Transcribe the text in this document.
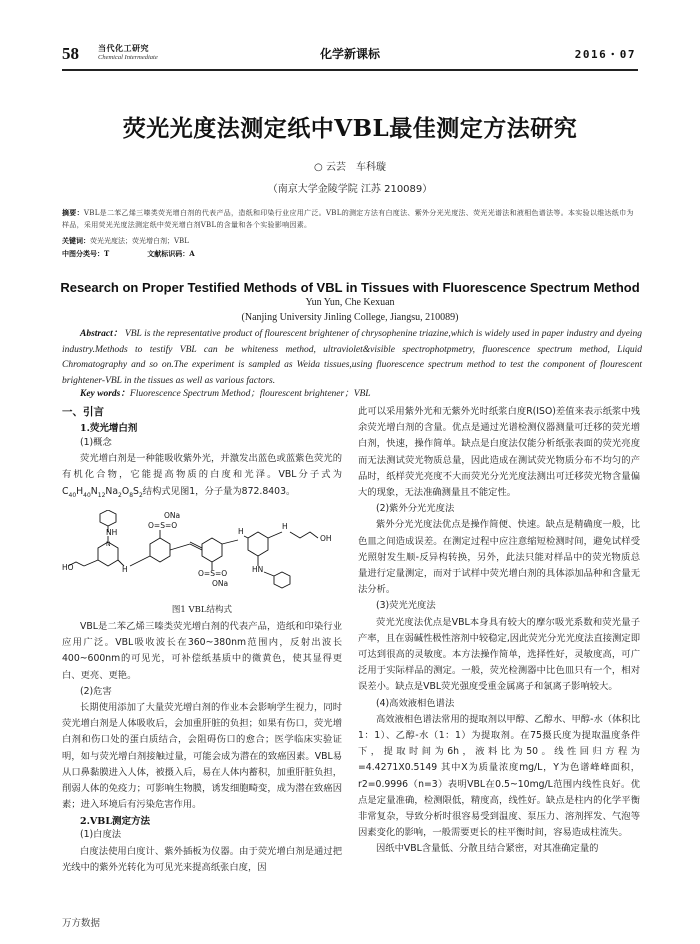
58 当代化工研究
Chemical Intermediate	化学新课标	2016・07
荧光光度法测定纸中VBL最佳测定方法研究
○ 云芸　车科璇
（南京大学金陵学院 江苏 210089）
摘要：VBL是二苯乙烯三嗪类荧光增白剂的代表产品，造纸和印染行业应用广泛。VBL的测定方法有白度法、紫外分光光度法、荧光光谱法和液相色谱法等。本实验以维达纸巾为样品，采用荧光光度法测定纸中荧光增白剂VBL的含量和各个实验影响因素。
关键词：荧光光度法；荧光增白剂；VBL
中图分类号：T	文献标识码：A
Research on Proper Testified Methods of VBL in Tissues with Fluorescence Spectrum Method
Yun Yun, Che Kexuan
(Nanjing University Jinling College, Jiangsu, 210089)
Abstract： VBL is the representative product of flourescent brightener of chrysophenine triazine,which is widely used in paper industry and dyeing industry.Methods to testify VBL can be whiteness method, ultraviolet&visible spectrophotpmetry, fluorescence spectrum method, Liquid Chromatography and so on.The experiment is sampled as Weida tissues,using fluorescence spectrum method to test the component of flourescent brightener-VBL in the tissues as well as various factors.
Key words：Fluorescence Spectrum Method；flourescent brightener；VBL
一、引言
1.荧光增白剂
(1)概念
荧光增白剂是一种能吸收紫外光，并激发出蓝色或蓝紫色荧光的有机化合物，它能提高物质的白度和光泽。VBL分子式为$C_{40}H_{40}N_{12}Na_2O_8S_2$结构式见图1，分子量为872.8403。
NH
N
HO	H
ONa
O=S=O
O=S=O
ONa
H
H
OH
HN
图1 VBL结构式
VBL是二苯乙烯三嗪类荧光增白剂的代表产品，造纸和印染行业应用广泛。VBL吸收波长在360~380nm范围内，反射出波长400~600nm的可见光，可补偿纸基质中的微黄色，使其显得更白、更亮、更艳。
(2)危害
长期使用添加了大量荧光增白剂的作业本会影响学生视力，同时荧光增白剂是人体吸收后，会加重肝脏的负担；如果有伤口，荧光增白剂和伤口处的蛋白质结合，会阻碍伤口的愈合；医学临床实验证明，如与荧光增白剂接触过量，可能会成为潜在的致癌因素。VBL易从口鼻黏膜进入人体，被摄入后，易在人体内蓄积，加重肝脏负担，削弱人体的免疫力；可影响生物膜，诱发细胞畸变，成为潜在致癌因素；进入环境后有污染危害作用。
2.VBL测定方法
(1)白度法
白度法使用白度计、紫外插板为仪器。由于荧光增白剂是通过把光线中的紫外光转化为可见光来提高纸张白度，因
此可以采用紫外光和无紫外光时纸浆白度R(ISO)差值来表示纸浆中残余荧光增白剂的含量。优点是通过光谱检测仪器测量可迁移的荧光增白剂，快速，操作简单。缺点是白度法仅能分析纸张表面的荧光亮度而无法测试荧光物质总量，因此造成在测试荧光物质分布不均匀的产品时，纸样荧光亮度不大而荧光分光光度法测出可迁移荧光物含量偏大的现象，无法准确测量且不能定性。
(2)紫外分光光度法
紫外分光光度法优点是操作简便、快速。缺点是精确度一般，比色皿之间造成误差。在测定过程中应注意缩短检测时间，避免试样受光照射发生顺-反异构转换，另外，此法只能对样品中的荧光物质总量进行定量测定，而对于试样中荧光增白剂的具体添加品种和含量无法分析。
(3)荧光光度法
荧光光度法优点是VBL本身具有较大的摩尔吸光系数和荧光量子产率，且在弱碱性极性溶剂中较稳定,因此荧光分光光度法直接测定即可达到很高的灵敏度。本方法操作简单，选择性好，灵敏度高，可广泛用于实际样品的测定。一般，荧光检测器中比色皿只有一个，相对误差小。缺点是VBL荧光强度受重金属离子和氯离子影响较大。
(4)高效液相色谱法
高效液相色谱法常用的提取剂以甲醇、乙醇水、甲醇-水（体积比1：1）、乙醇-水（1：1）为提取剂。在75摄氏度为提取温度条件下，提取时间为6h，液料比为50。线性回归方程为=4.4271X0.5149 其中X为质量浓度mg/L，Y为色谱峰峰面积，r2=0.9996（n=3）表明VBL在0.5~10mg/L范围内线性良好。优点是定量准确，检测限低，精度高，线性好。缺点是柱内的化学平衡非常复杂，导致分析时很容易受到温度、泵压力、溶剂挥发、气泡等因素变化的影响，一般需要更长的柱平衡时间，容易造成柱流失。
因纸中VBL含量低、分散且结合紧密，对其准确定量的
万方数据
